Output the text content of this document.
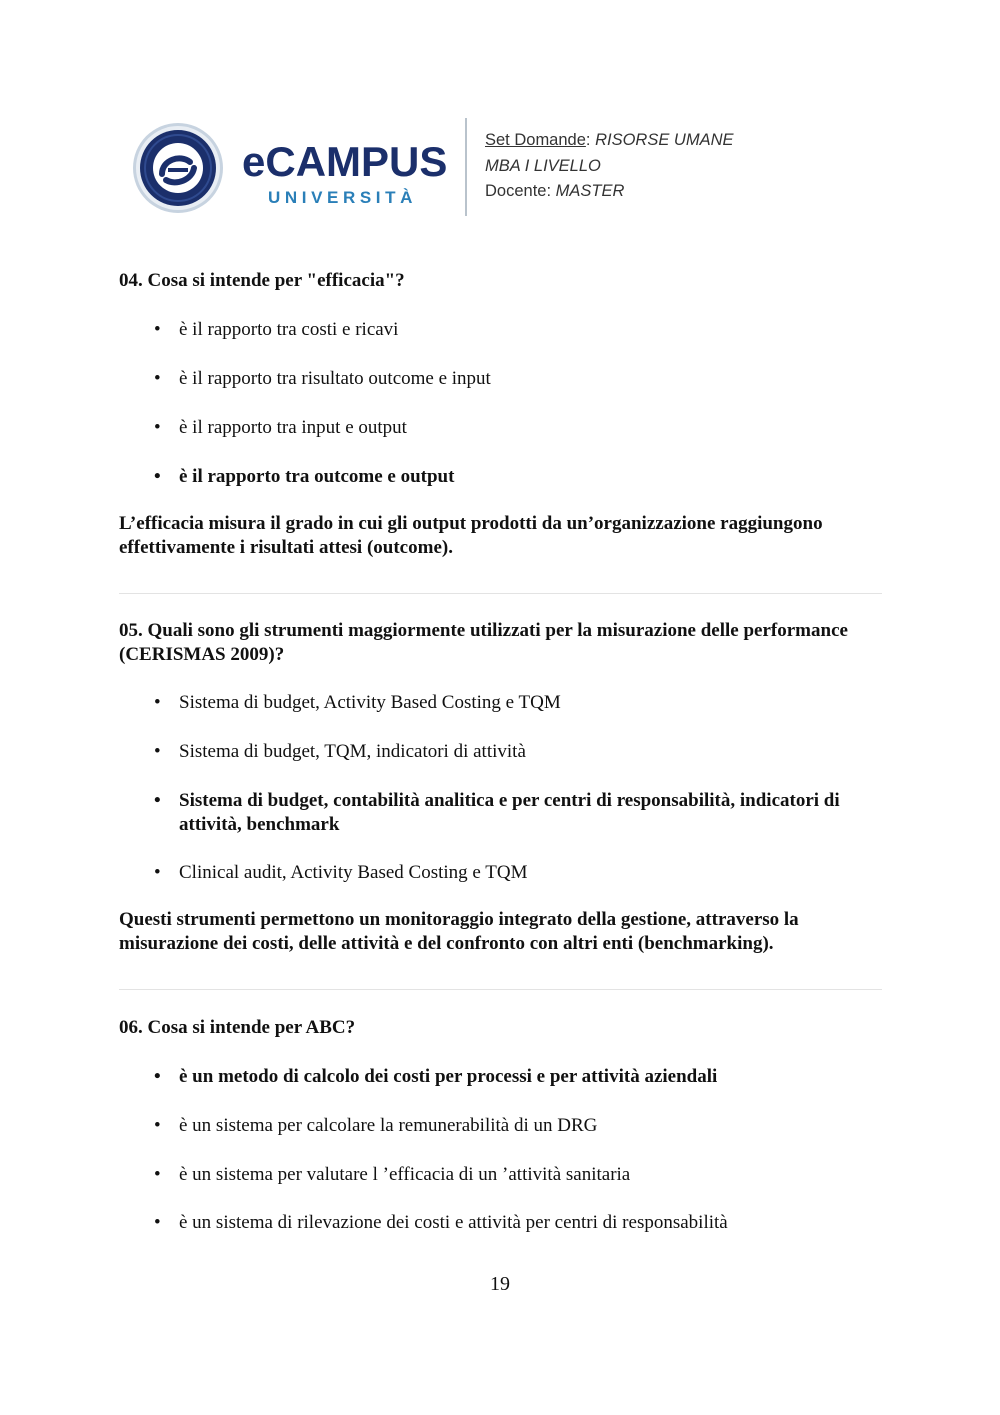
eCAMPUS
UNIVERSITÀ
Set Domande: RISORSE UMANE
MBA I LIVELLO
Docente: MASTER
04. Cosa si intende per "efficacia"?
• è il rapporto tra costi e ricavi
• è il rapporto tra risultato outcome e input
• è il rapporto tra input e output
• è il rapporto tra outcome e output
L’efficacia misura il grado in cui gli output prodotti da un’organizzazione raggiungono effettivamente i risultati attesi (outcome).
05. Quali sono gli strumenti maggiormente utilizzati per la misurazione delle performance (CERISMAS 2009)?
• Sistema di budget, Activity Based Costing e TQM
• Sistema di budget, TQM, indicatori di attività
• Sistema di budget, contabilità analitica e per centri di responsabilità, indicatori di attività, benchmark
• Clinical audit, Activity Based Costing e TQM
Questi strumenti permettono un monitoraggio integrato della gestione, attraverso la misurazione dei costi, delle attività e del confronto con altri enti (benchmarking).
06. Cosa si intende per ABC?
• è un metodo di calcolo dei costi per processi e per attività aziendali
• è un sistema per calcolare la remunerabilità di un DRG
• è un sistema per valutare l ’efficacia di un ’attività sanitaria
• è un sistema di rilevazione dei costi e attività per centri di responsabilità
19
